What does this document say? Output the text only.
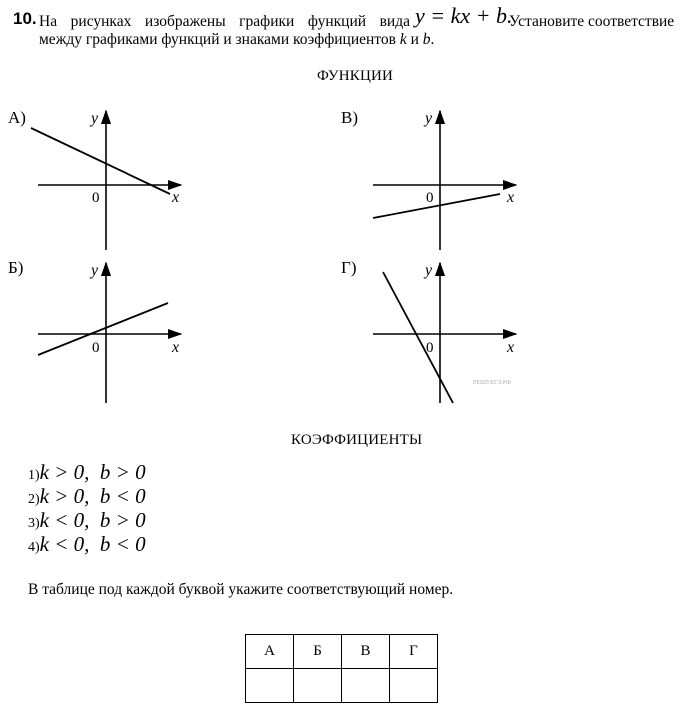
10. На рисунках изображены графики функций вида y = kx + b.
Установите соответствие
между графиками функций и знаками коэффициентов k и b.
ФУНКЦИИ
А)	В)
Б)	Г)
y
x
0
y
x
0
y
x
0
y
x
0
РЕШУЕГЭ.РФ
КОЭФФИЦИЕНТЫ
1)k > 0,  b > 0
2)k > 0,  b < 0
3)k < 0,  b > 0
4)k < 0,  b < 0
В таблице под каждой буквой укажите соответствующий номер.
А	Б	В	Г
